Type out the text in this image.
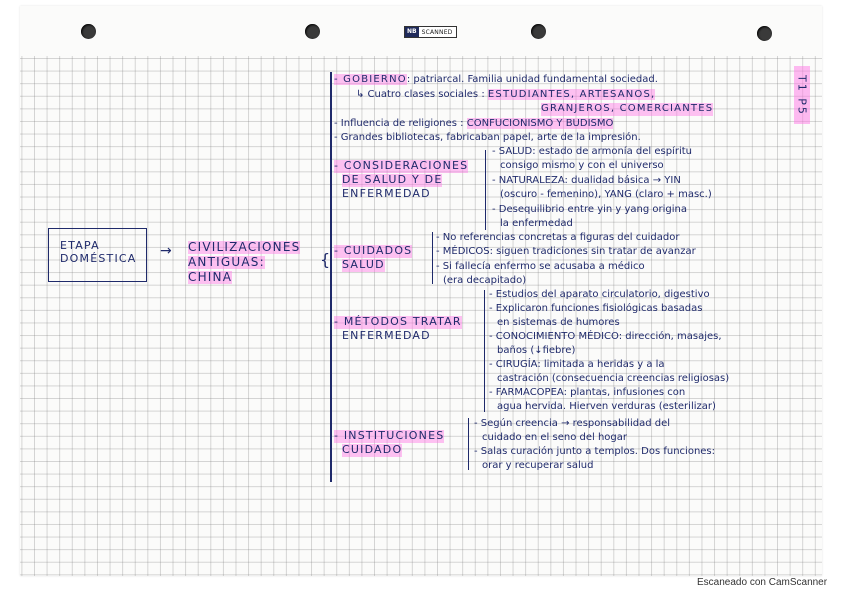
NB SCANNED
T1 P5
ETAPA
DOMÉSTICA → CIVILIZACIONES
ANTIGUAS:
CHINA
{
- GOBIERNO: patriarcal. Familia unidad fundamental sociedad.
↳ Cuatro clases sociales : ESTUDIANTES, ARTESANOS,
GRANJEROS, COMERCIANTES
- Influencia de religiones : CONFUCIONISMO Y BUDISMO
- Grandes bibliotecas, fabricaban papel, arte de la impresión.
- CONSIDERACIONES
DE SALUD Y DE
ENFERMEDAD
- SALUD: estado de armonía del espíritu
consigo mismo y con el universo
- NATURALEZA: dualidad básica → YIN
(oscuro - femenino), YANG (claro + masc.)
- Desequilibrio entre yin y yang origina
la enfermedad
- CUIDADOS
SALUD
- No referencias concretas a figuras del cuidador
- MÉDICOS: siguen tradiciones sin tratar de avanzar
- Si fallecía enfermo se acusaba a médico
(era decapitado)
- MÉTODOS TRATAR
ENFERMEDAD
- Estudios del aparato circulatorio, digestivo
- Explicaron funciones fisiológicas basadas
en sistemas de humores
- CONOCIMIENTO MÉDICO: dirección, masajes,
baños (↓fiebre)
- CIRUGÍA: limitada a heridas y a la
castración (consecuencia creencias religiosas)
- FARMACOPEA: plantas, infusiones con
agua hervida. Hierven verduras (esterilizar)
- INSTITUCIONES
CUIDADO
- Según creencia → responsabilidad del
cuidado en el seno del hogar
- Salas curación junto a templos. Dos funciones:
orar y recuperar salud
Escaneado con CamScanner
